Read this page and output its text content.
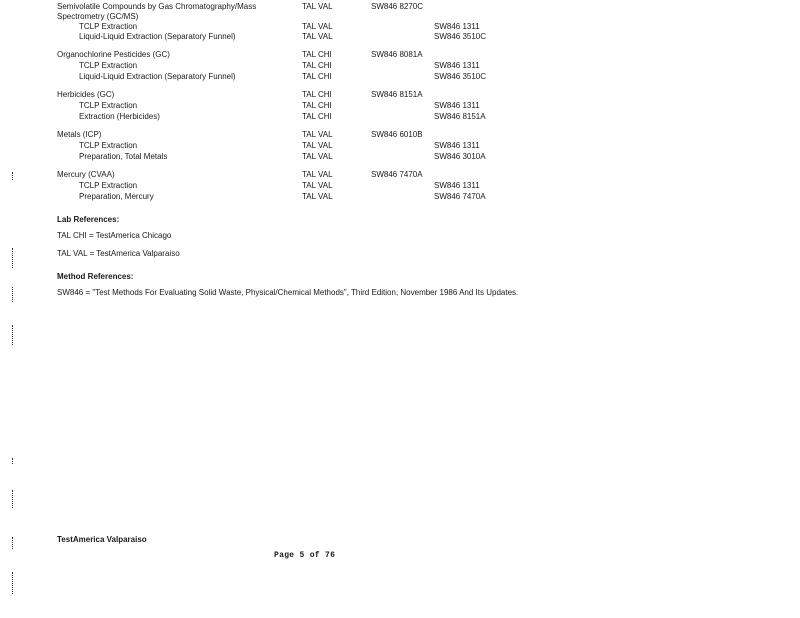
Semivolatile Compounds by Gas Chromatography/Mass
Spectrometry (GC/MS)
TAL VAL	SW846 8270C
TCLP Extraction	TAL VAL	SW846 1311
Liquid-Liquid Extraction (Separatory Funnel)	TAL VAL	SW846 3510C
Organochlorine Pesticides (GC)	TAL CHI	SW846 8081A
TCLP Extraction	TAL CHI	SW846 1311
Liquid-Liquid Extraction (Separatory Funnel)	TAL CHI	SW846 3510C
Herbicides (GC)	TAL CHI	SW846 8151A
TCLP Extraction	TAL CHI	SW846 1311
Extraction (Herbicides)	TAL CHI	SW846 8151A
Metals (ICP)	TAL VAL	SW846 6010B
TCLP Extraction	TAL VAL	SW846 1311
Preparation, Total Metals	TAL VAL	SW846 3010A
Mercury (CVAA)	TAL VAL	SW846 7470A
TCLP Extraction	TAL VAL	SW846 1311
Preparation, Mercury	TAL VAL	SW846 7470A
Lab References:
TAL CHI = TestAmerica Chicago
TAL VAL = TestAmerica Valparaiso
Method References:
SW846 = "Test Methods For Evaluating Solid Waste, Physical/Chemical Methods", Third Edition, November 1986 And Its Updates.
TestAmerica Valparaiso
Page 5 of 76
